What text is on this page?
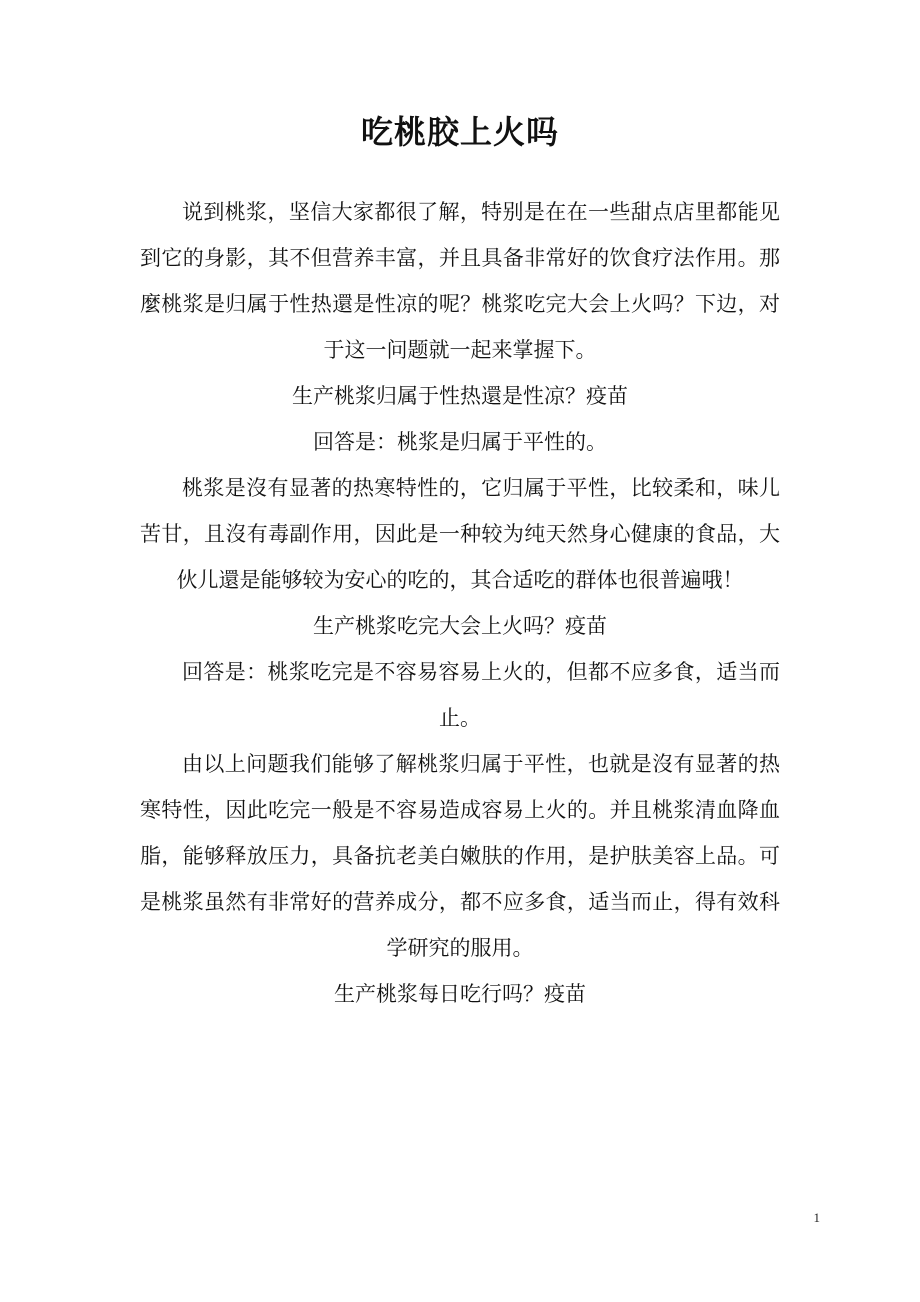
吃桃胶上火吗

说到桃浆，坚信大家都很了解，特别是在在一些甜点店里都能见到它的身影，其不但营养丰富，并且具备非常好的饮食疗法作用。那麼桃浆是归属于性热還是性凉的呢？桃浆吃完大会上火吗？下边，对于这一问题就一起来掌握下。

生产桃浆归属于性热還是性凉？疫苗

回答是：桃浆是归属于平性的。

桃浆是沒有显著的热寒特性的，它归属于平性，比较柔和，味儿苦甘，且沒有毒副作用，因此是一种较为纯天然身心健康的食品，大伙儿還是能够较为安心的吃的，其合适吃的群体也很普遍哦！

生产桃浆吃完大会上火吗？疫苗

回答是：桃浆吃完是不容易容易上火的，但都不应多食，适当而止。

由以上问题我们能够了解桃浆归属于平性，也就是沒有显著的热寒特性，因此吃完一般是不容易造成容易上火的。并且桃浆清血降血脂，能够释放压力，具备抗老美白嫩肤的作用，是护肤美容上品。可是桃浆虽然有非常好的营养成分，都不应多食，适当而止，得有效科学研究的服用。

生产桃浆每日吃行吗？疫苗

1
